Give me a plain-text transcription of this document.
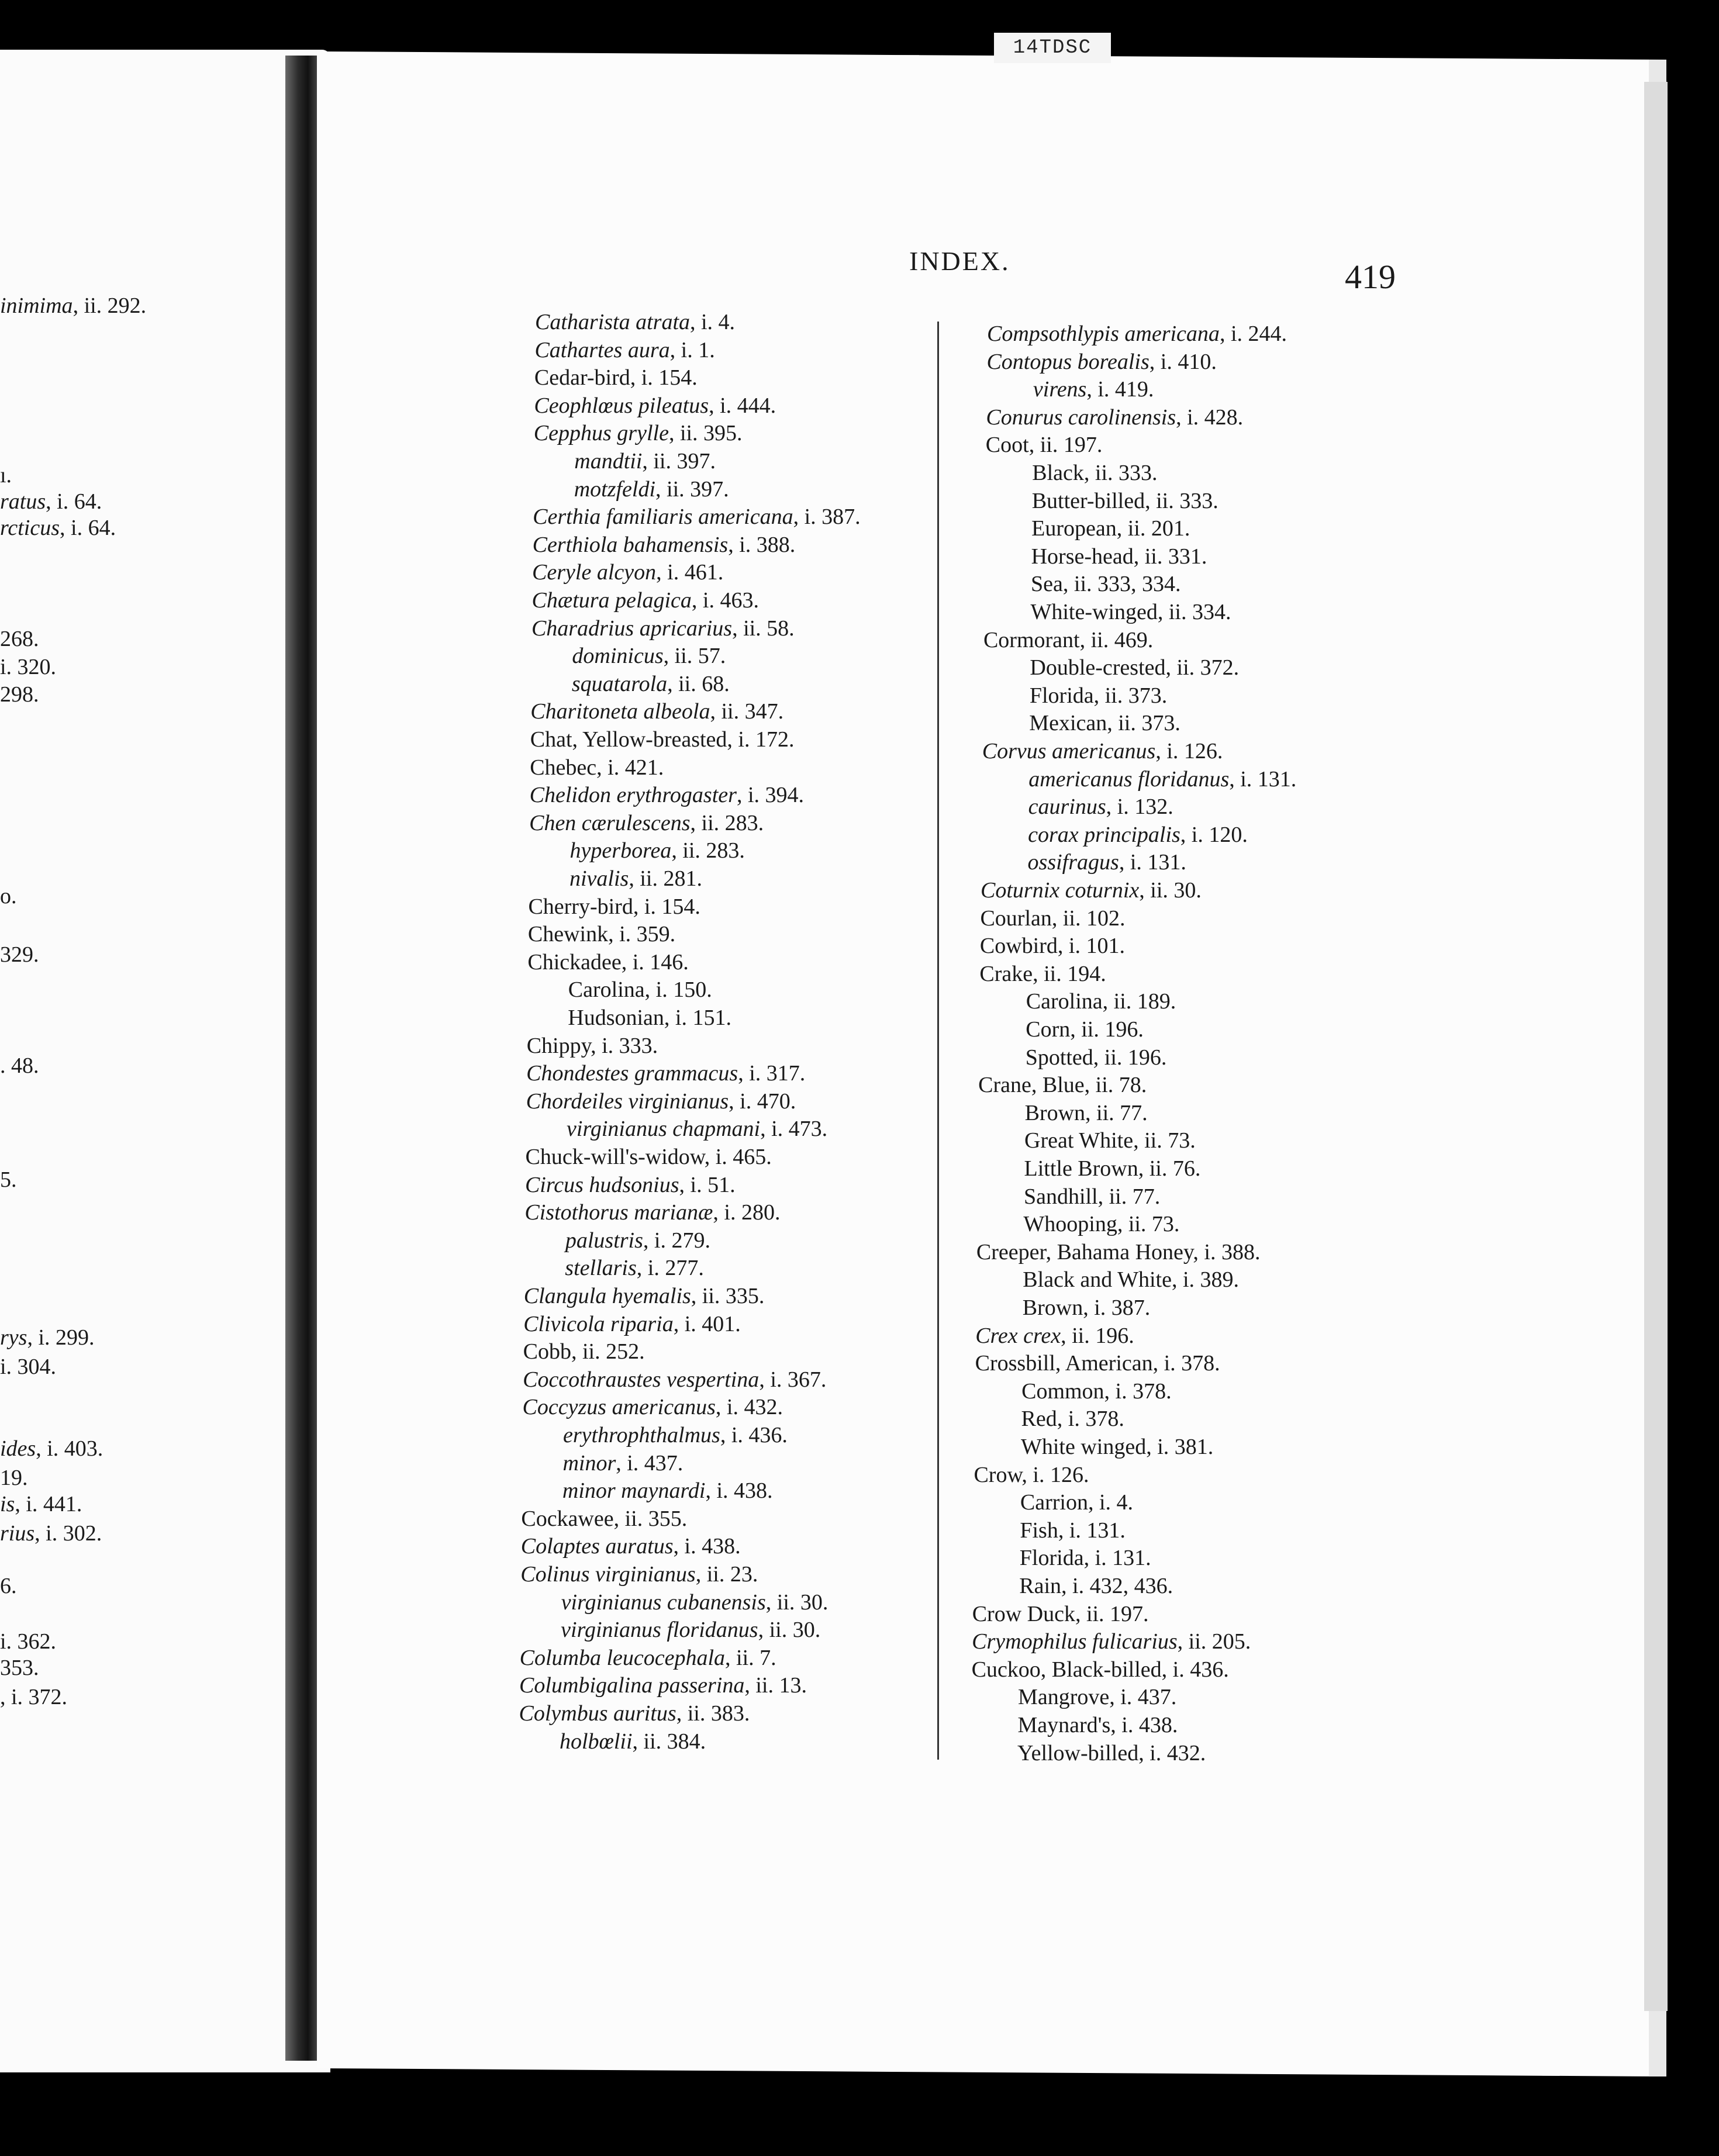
14TDSC
INDEX.	419
inimima, ii. 292.
ı.
ratus, i. 64.
rcticus, i. 64.
268.
i. 320.
298.
o.
329.
. 48.
5.
rys, i. 299.
i. 304.
ides, i. 403.
19.
is, i. 441.
rius, i. 302.
6.
i. 362.
353.
, i. 372.
Catharista atrata, i. 4.
Cathartes aura, i. 1.
Cedar-bird, i. 154.
Ceophlœus pileatus, i. 444.
Cepphus grylle, ii. 395.
mandtii, ii. 397.
motzfeldi, ii. 397.
Certhia familiaris americana, i. 387.
Certhiola bahamensis, i. 388.
Ceryle alcyon, i. 461.
Chætura pelagica, i. 463.
Charadrius apricarius, ii. 58.
dominicus, ii. 57.
squatarola, ii. 68.
Charitoneta albeola, ii. 347.
Chat, Yellow-breasted, i. 172.
Chebec, i. 421.
Chelidon erythrogaster, i. 394.
Chen cærulescens, ii. 283.
hyperborea, ii. 283.
nivalis, ii. 281.
Cherry-bird, i. 154.
Chewink, i. 359.
Chickadee, i. 146.
Carolina, i. 150.
Hudsonian, i. 151.
Chippy, i. 333.
Chondestes grammacus, i. 317.
Chordeiles virginianus, i. 470.
virginianus chapmani, i. 473.
Chuck-will's-widow, i. 465.
Circus hudsonius, i. 51.
Cistothorus marianæ, i. 280.
palustris, i. 279.
stellaris, i. 277.
Clangula hyemalis, ii. 335.
Clivicola riparia, i. 401.
Cobb, ii. 252.
Coccothraustes vespertina, i. 367.
Coccyzus americanus, i. 432.
erythrophthalmus, i. 436.
minor, i. 437.
minor maynardi, i. 438.
Cockawee, ii. 355.
Colaptes auratus, i. 438.
Colinus virginianus, ii. 23.
virginianus cubanensis, ii. 30.
virginianus floridanus, ii. 30.
Columba leucocephala, ii. 7.
Columbigalina passerina, ii. 13.
Colymbus auritus, ii. 383.
holbœlii, ii. 384.
Compsothlypis americana, i. 244.
Contopus borealis, i. 410.
virens, i. 419.
Conurus carolinensis, i. 428.
Coot, ii. 197.
Black, ii. 333.
Butter-billed, ii. 333.
European, ii. 201.
Horse-head, ii. 331.
Sea, ii. 333, 334.
White-winged, ii. 334.
Cormorant, ii. 469.
Double-crested, ii. 372.
Florida, ii. 373.
Mexican, ii. 373.
Corvus americanus, i. 126.
americanus floridanus, i. 131.
caurinus, i. 132.
corax principalis, i. 120.
ossifragus, i. 131.
Coturnix coturnix, ii. 30.
Courlan, ii. 102.
Cowbird, i. 101.
Crake, ii. 194.
Carolina, ii. 189.
Corn, ii. 196.
Spotted, ii. 196.
Crane, Blue, ii. 78.
Brown, ii. 77.
Great White, ii. 73.
Little Brown, ii. 76.
Sandhill, ii. 77.
Whooping, ii. 73.
Creeper, Bahama Honey, i. 388.
Black and White, i. 389.
Brown, i. 387.
Crex crex, ii. 196.
Crossbill, American, i. 378.
Common, i. 378.
Red, i. 378.
White winged, i. 381.
Crow, i. 126.
Carrion, i. 4.
Fish, i. 131.
Florida, i. 131.
Rain, i. 432, 436.
Crow Duck, ii. 197.
Crymophilus fulicarius, ii. 205.
Cuckoo, Black-billed, i. 436.
Mangrove, i. 437.
Maynard's, i. 438.
Yellow-billed, i. 432.
